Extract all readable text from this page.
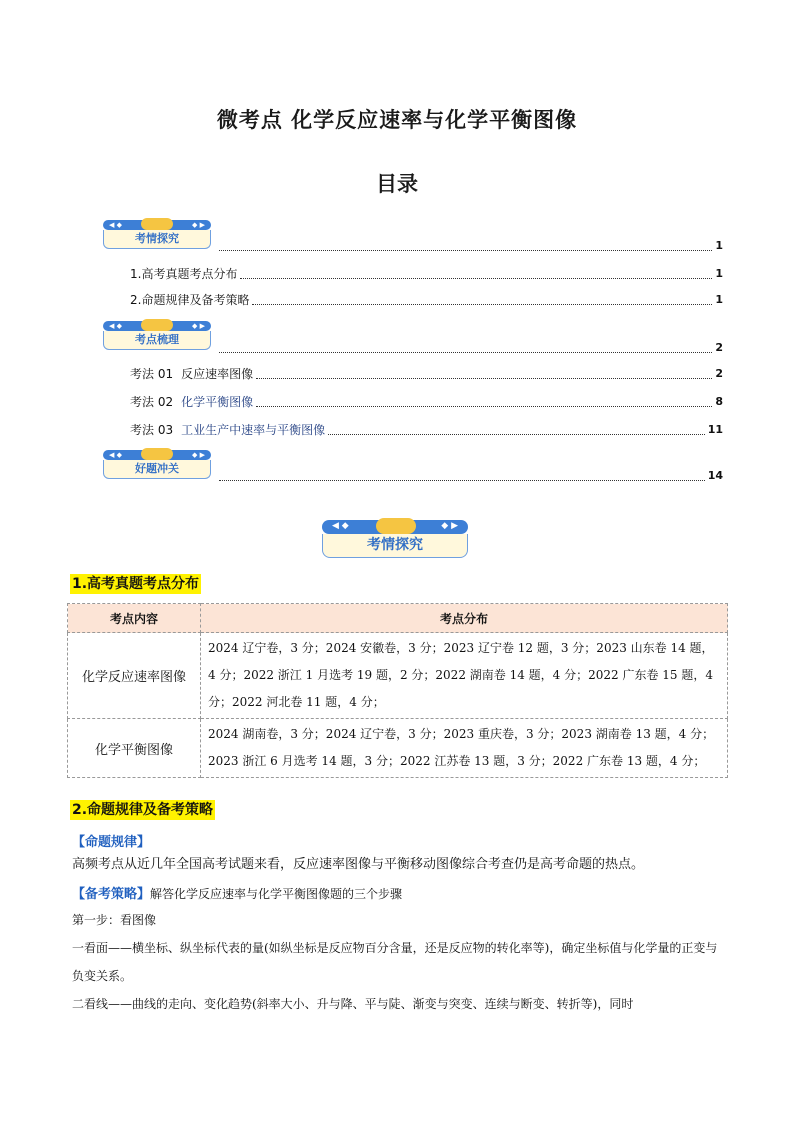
微考点 化学反应速率与化学平衡图像
目录
◀ ◆	◆ ▶
考情探究
1
1.高考真题考点分布	1
2.命题规律及备考策略	1
◀ ◆	◆ ▶
考点梳理
2
考法 01 反应速率图像	2
考法 02 化学平衡图像	8
考法 03 工业生产中速率与平衡图像	11
◀ ◆	◆ ▶
好题冲关
14
◀ ◆	◆ ▶
考情探究
1.高考真题考点分布
考点内容	考点分布
化学反应速率图像	2024 辽宁卷，3 分；2024 安徽卷，3 分；2023 辽宁卷 12 题，3 分；2023 山东卷 14 题，4 分；2022 浙江 1 月选考 19 题，2 分；2022 湖南卷 14 题，4 分；2022 广东卷 15 题，4 分；2022 河北卷 11 题，4 分；
化学平衡图像	2024 湖南卷，3 分；2024 辽宁卷，3 分；2023 重庆卷，3 分；2023 湖南卷 13 题，4 分；2023 浙江 6 月选考 14 题，3 分；2022 江苏卷 13 题，3 分；2022 广东卷 13 题，4 分；
2.命题规律及备考策略
【命题规律】
高频考点从近几年全国高考试题来看，反应速率图像与平衡移动图像综合考查仍是高考命题的热点。
【备考策略】解答化学反应速率与化学平衡图像题的三个步骤
第一步：看图像
一看面——横坐标、纵坐标代表的量(如纵坐标是反应物百分含量，还是反应物的转化率等)，确定坐标值与化学量的正变与负变关系。
二看线——曲线的走向、变化趋势(斜率大小、升与降、平与陡、渐变与突变、连续与断变、转折等)，同时
